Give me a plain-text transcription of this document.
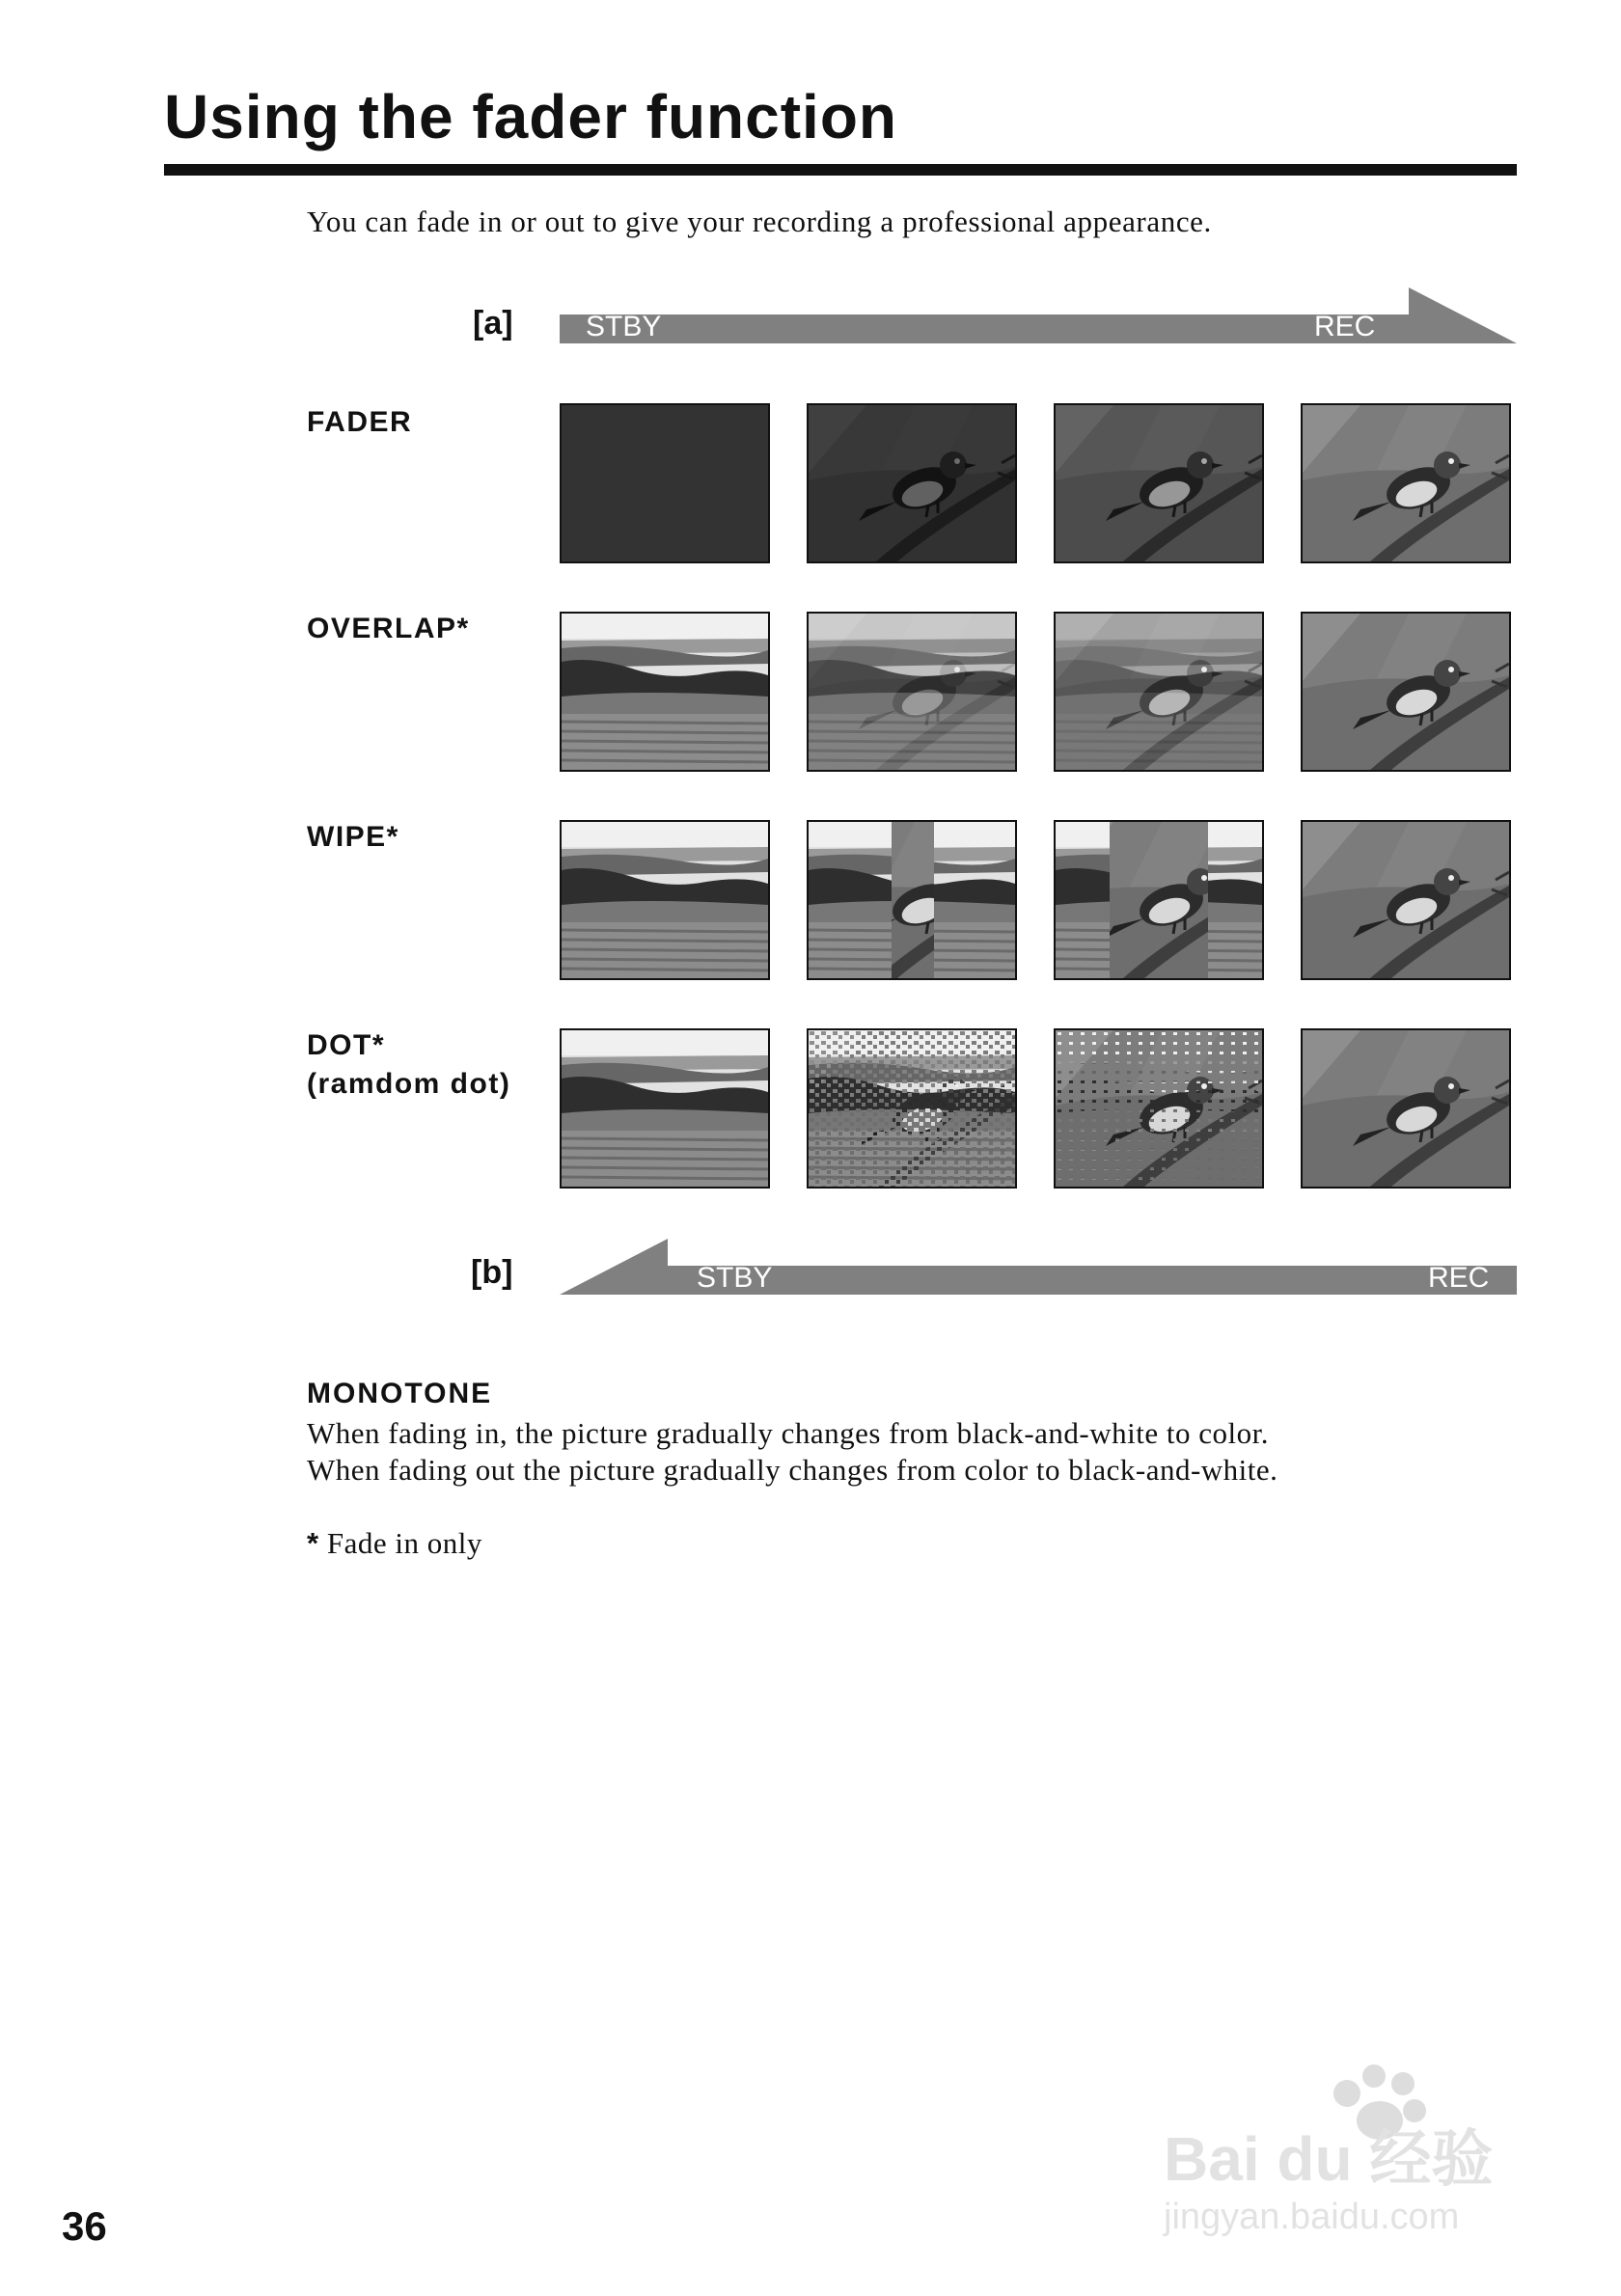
Using the fader function
You can fade in or out to give your recording a professional appearance.
[a]	STBY	REC
FADER
OVERLAP*
WIPE*
DOT*
(ramdom dot)
[b]	STBY	REC
MONOTONE
When fading in, the picture gradually changes from black-and-white to color.
When fading out the picture gradually changes from color to black-and-white.
* Fade in only
36
Bai du 经验
jingyan.baidu.com
